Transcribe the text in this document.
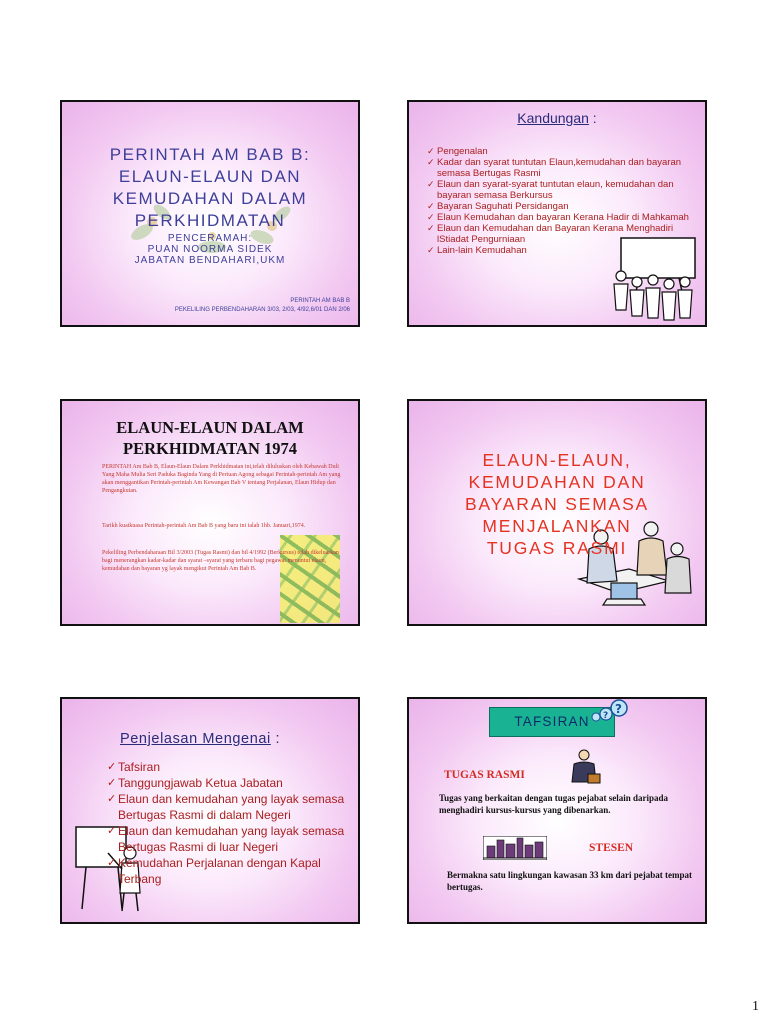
PERINTAH AM BAB B:
ELAUN-ELAUN DAN
KEMUDAHAN DALAM
PERKHIDMATAN
PENCERAMAH:
PUAN NOORMA SIDEK
JABATAN BENDAHARI,UKM
PERINTAH AM BAB B
PEKELILING PERBENDAHARAN 3/03, 2/03, 4/92,6/01 DAN 2/06
Kandungan :
✓ Pengenalan
✓ Kadar dan syarat tuntutan Elaun,kemudahan dan bayaran semasa Bertugas Rasmi
✓ Elaun dan syarat-syarat tuntutan elaun, kemudahan dan bayaran semasa Berkursus
✓ Bayaran Saguhati Persidangan
✓ Elaun Kemudahan dan bayaran Kerana Hadir di Mahkamah
✓ Elaun dan Kemudahan dan Bayaran Kerana Menghadiri lStiadat Pengurniaan
✓ Lain-lain Kemudahan
ELAUN-ELAUN DALAM
PERKHIDMATAN 1974

PERINTAH Am Bab B, Elaun-Elaun Dalam Perkhidmatan ini,telah diluluskan oleh Kebawah Duli Yang Maha Mulia Seri Paduka Baginda Yang di Pertuan Agong sebagai Perintah-perintah Am yang akan menggantikan Perintah-perintah Am Kewangan Bab V tentang Perjalanan, Elaun Hidup dan Pengangkutan.

Tarikh kuatkuasa Perintah-perintah Am Bab B yang baru ini ialah 1hb. Januari,1974.

Pekeliling Perbendaharaan Bil 3/2003 (Tugas Rasmi) dan bil 4/1992 (Berkursus) telah dikeluarkan bagi menerangkan kadar-kadar dan syarat –syarat yang terbaru bagi pegawai menuntut elaun, kemudahan dan bayaran yg layak mengikut Perintah Am Bab B.

ELAUN-ELAUN,
KEMUDAHAN DAN
BAYARAN SEMASA
MENJALANKAN
TUGAS RASMI
Penjelasan Mengenai :
✓ Tafsiran
✓ Tanggungjawab Ketua Jabatan
✓ Elaun dan kemudahan yang layak semasa Bertugas Rasmi di dalam Negeri
✓ Elaun dan kemudahan yang layak semasa Bertugas Rasmi di luar Negeri
✓ Kemudahan Perjalanan dengan Kapal Terbang
TAFSIRAN
?
?
TUGAS RASMI
Tugas yang berkaitan dengan tugas pejabat selain daripada menghadiri kursus-kursus yang dibenarkan.
STESEN
Bermakna satu lingkungan kawasan 33 km dari pejabat tempat bertugas.
1
